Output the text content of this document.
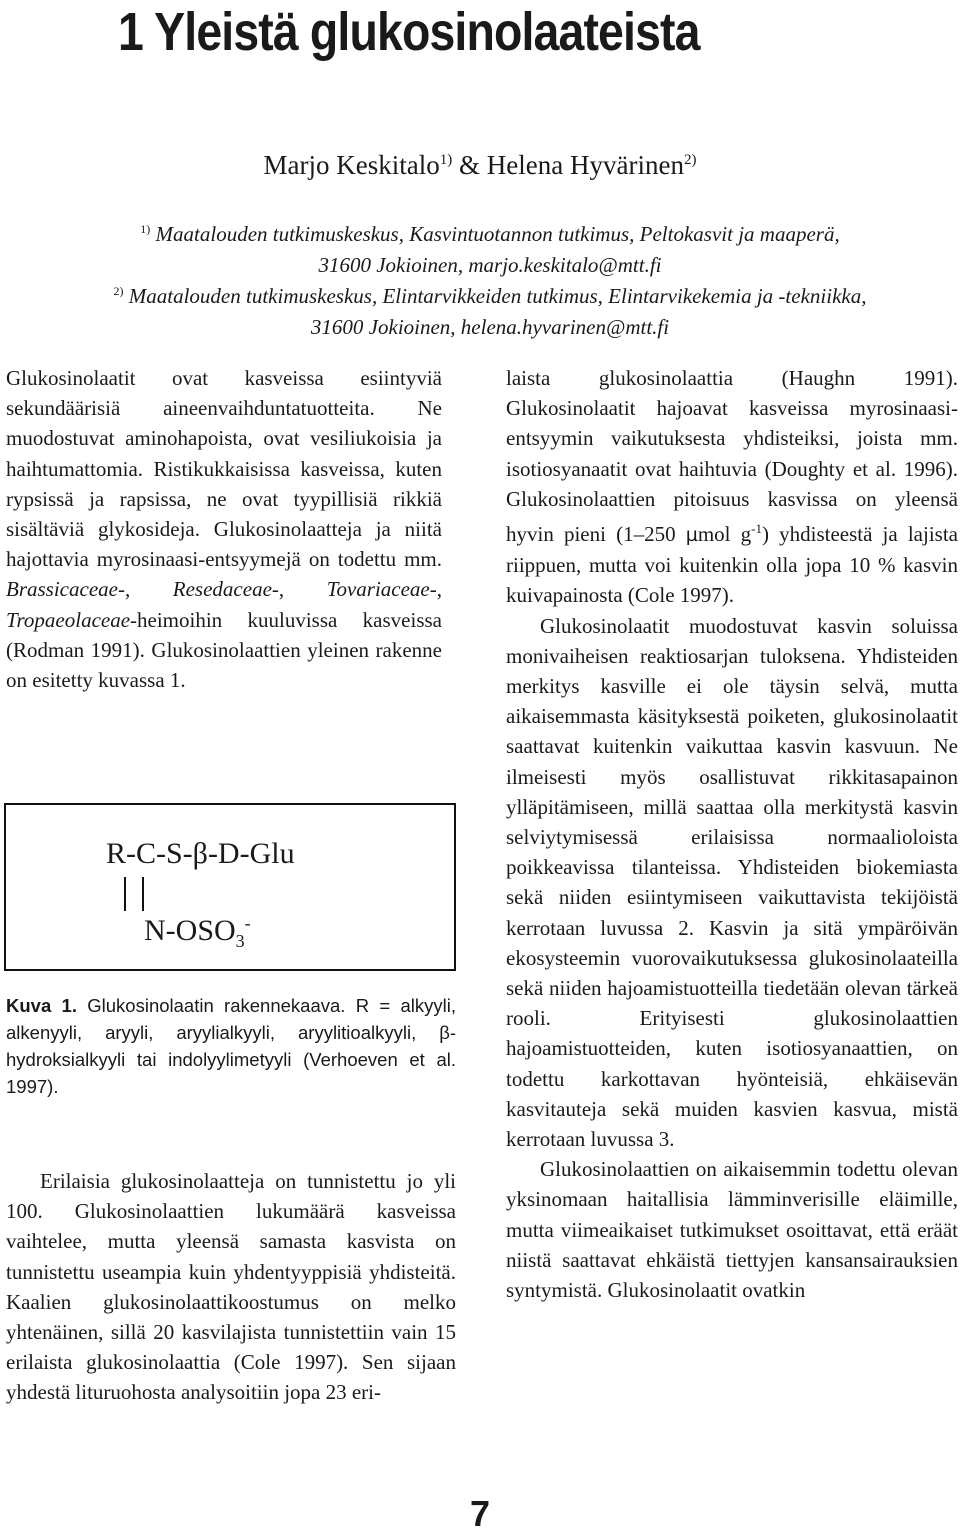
1 Yleistä glukosinolaateista
Marjo Keskitalo$^{1)}$ & Helena Hyvärinen$^{2)}$
$^{1)}$ Maatalouden tutkimuskeskus, Kasvintuotannon tutkimus, Peltokasvit ja maaperä,
31600 Jokioinen, marjo.keskitalo@mtt.fi
$^{2)}$ Maatalouden tutkimuskeskus, Elintarvikkeiden tutkimus, Elintarvikekemia ja -tekniikka,
31600 Jokioinen, helena.hyvarinen@mtt.fi

Glukosinolaatit ovat kasveissa esiintyviä sekundäärisiä aineenvaihduntatuotteita. Ne muodostuvat aminohapoista, ovat vesiliukoisia ja haihtumattomia. Ristikukkaisissa kasveissa, kuten rypsissä ja rapsissa, ne ovat tyypillisiä rikkiä sisältäviä glykosideja. Glukosinolaatteja ja niitä hajottavia myrosinaasi-entsyymejä on todettu mm. Brassicaceae-, Resedaceae-, Tovariaceae-, Tropaeolaceae-heimoihin kuuluvissa kasveissa (Rodman 1991). Glukosinolaattien yleinen rakenne on esitetty kuvassa 1.

R-C-S-β-D-Glu
$N-OSO_3^-$
Kuva 1. Glukosinolaatin rakennekaava. R = alkyyli, alkenyyli, aryyli, aryylialkyyli, aryylitioalkyyli, β-hydroksialkyyli tai indolyylimetyyli (Verhoeven et al. 1997).

Erilaisia glukosinolaatteja on tunnistettu jo yli 100. Glukosinolaattien lukumäärä kasveissa vaihtelee, mutta yleensä samasta kasvista on tunnistettu useampia kuin yhdentyyppisiä yhdisteitä. Kaalien glukosinolaattikoostumus on melko yhtenäinen, sillä 20 kasvilajista tunnistettiin vain 15 erilaista glukosinolaattia (Cole 1997). Sen sijaan yhdestä lituruohosta analysoitiin jopa 23 eri-

laista glukosinolaattia (Haughn 1991). Glukosinolaatit hajoavat kasveissa myrosinaasi-entsyymin vaikutuksesta yhdisteiksi, joista mm. isotiosyanaatit ovat haihtuvia (Doughty et al. 1996). Glukosinolaattien pitoisuus kasvissa on yleensä hyvin pieni (1–250 µmol $g^{-1}$) yhdisteestä ja lajista riippuen, mutta voi kuitenkin olla jopa 10 % kasvin kuivapainosta (Cole 1997).

Glukosinolaatit muodostuvat kasvin soluissa monivaiheisen reaktiosarjan tuloksena. Yhdisteiden merkitys kasville ei ole täysin selvä, mutta aikaisemmasta käsityksestä poiketen, glukosinolaatit saattavat kuitenkin vaikuttaa kasvin kasvuun. Ne ilmeisesti myös osallistuvat rikkitasapainon ylläpitämiseen, millä saattaa olla merkitystä kasvin selviytymisessä erilaisissa normaalioloista poikkeavissa tilanteissa. Yhdisteiden biokemiasta sekä niiden esiintymiseen vaikuttavista tekijöistä kerrotaan luvussa 2. Kasvin ja sitä ympäröivän ekosysteemin vuorovaikutuksessa glukosinolaateilla sekä niiden hajoamistuotteilla tiedetään olevan tärkeä rooli. Erityisesti glukosinolaattien hajoamistuotteiden, kuten isotiosyanaattien, on todettu karkottavan hyönteisiä, ehkäisevän kasvitauteja sekä muiden kasvien kasvua, mistä kerrotaan luvussa 3.

Glukosinolaattien on aikaisemmin todettu olevan yksinomaan haitallisia lämminverisille eläimille, mutta viimeaikaiset tutkimukset osoittavat, että eräät niistä saattavat ehkäistä tiettyjen kansansairauksien syntymistä. Glukosinolaatit ovatkin

7
